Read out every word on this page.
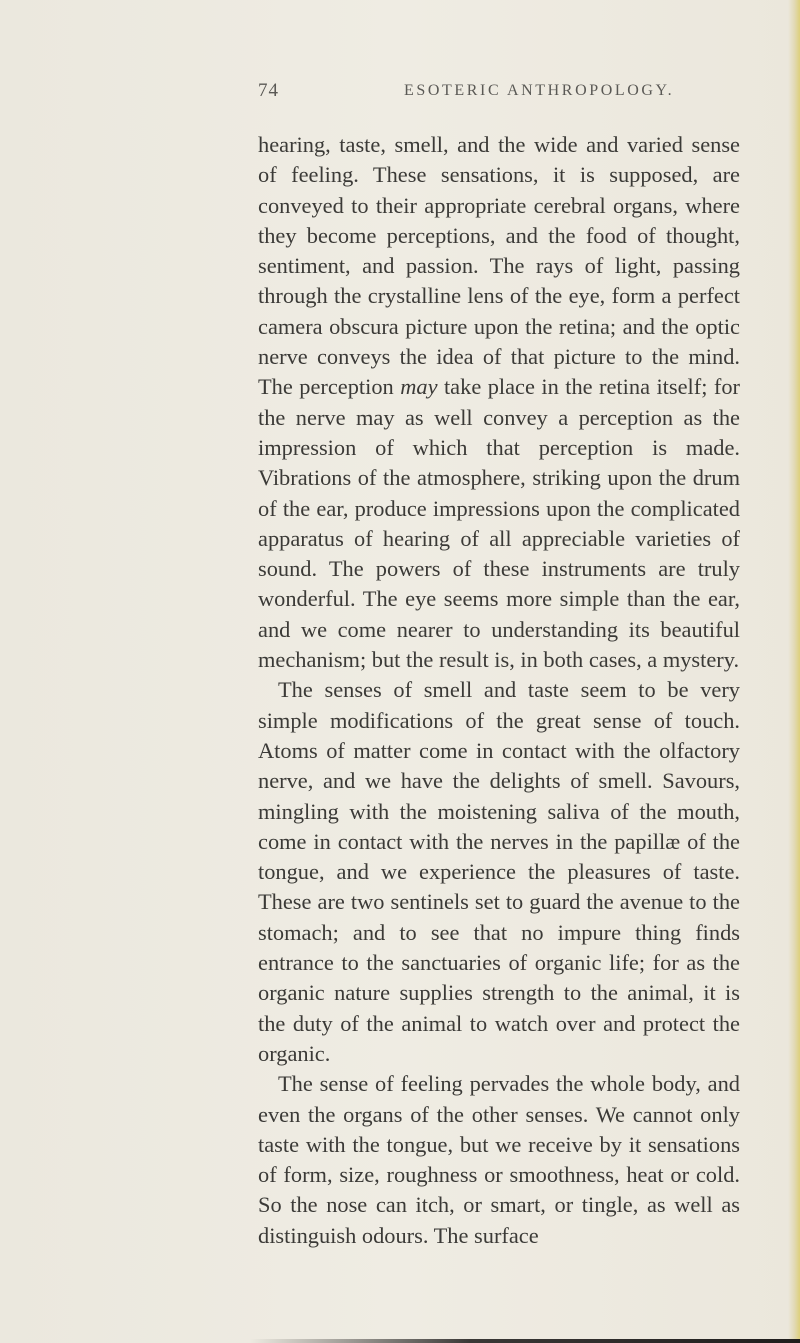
74	ESOTERIC ANTHROPOLOGY.

hearing, taste, smell, and the wide and varied sense of feeling. These sensations, it is supposed, are conveyed to their appropriate cerebral organs, where they become perceptions, and the food of thought, sentiment, and passion. The rays of light, passing through the crystalline lens of the eye, form a perfect camera obscura picture upon the retina; and the optic nerve conveys the idea of that picture to the mind. The perception may take place in the retina itself; for the nerve may as well convey a perception as the impression of which that perception is made. Vibrations of the atmosphere, striking upon the drum of the ear, produce impressions upon the complicated apparatus of hearing of all appreciable varieties of sound. The powers of these instruments are truly wonderful. The eye seems more simple than the ear, and we come nearer to understanding its beautiful mechanism; but the result is, in both cases, a mystery.

The senses of smell and taste seem to be very simple modifications of the great sense of touch. Atoms of matter come in contact with the olfactory nerve, and we have the delights of smell. Savours, mingling with the moistening saliva of the mouth, come in contact with the nerves in the papillæ of the tongue, and we experience the pleasures of taste. These are two sentinels set to guard the avenue to the stomach; and to see that no impure thing finds entrance to the sanctuaries of organic life; for as the organic nature supplies strength to the animal, it is the duty of the animal to watch over and protect the organic.

The sense of feeling pervades the whole body, and even the organs of the other senses. We cannot only taste with the tongue, but we receive by it sensations of form, size, roughness or smoothness, heat or cold. So the nose can itch, or smart, or tingle, as well as distinguish odours. The surface
